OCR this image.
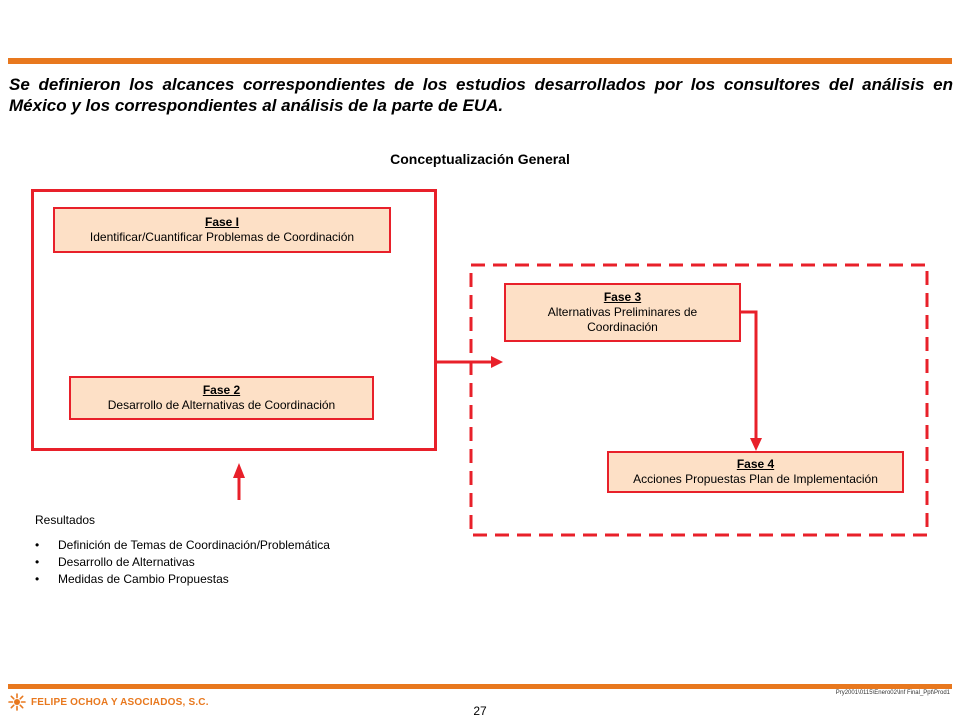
Se definieron los alcances correspondientes de los estudios desarrollados por los consultores del análisis en México y los correspondientes al análisis de la parte de EUA.
Conceptualización General
Fase I
Identificar/Cuantificar Problemas de Coordinación
Fase 2
Desarrollo de Alternativas de Coordinación
Fase 3
Alternativas Preliminares de
Coordinación
Fase 4
Acciones Propuestas Plan de Implementación
Resultados
• Definición de Temas de Coordinación/Problemática
• Desarrollo de Alternativas
• Medidas de Cambio Propuestas
FELIPE OCHOA Y ASOCIADOS, S.C.
27
Pry2001\0115\Enero02\Inf Final_Ppt\Prod1
